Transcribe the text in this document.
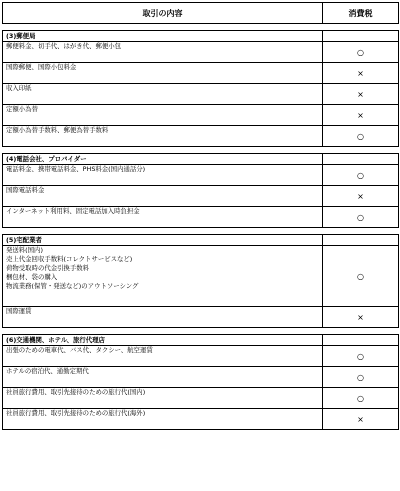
取引の内容	消費税

(3)郵便局	

郵便料金、切手代、はがき代、郵便小包	○

国際郵便、国際小包料金	×

収入印紙	×

定額小為替	×

定額小為替手数料、郵便為替手数料	○

(4)電話会社、プロバイダー	

電話料金、携帯電話料金、PHS料金(国内通話分)	○

国際電話料金	×

インターネット利用料、固定電話加入時負担金	○

(5)宅配業者	

発送料(国内)
売上代金回収手数料(コレクトサービスなど)
荷物受取時の代金引換手数料
梱包材、袋の購入
物流業務(保管・発送など)のアウトソーシング	○

国際運賃	×

(6)交通機関、ホテル、旅行代理店	

出張のための電車代、バス代、タクシー、航空運賃	○

ホテルの宿泊代、通勤定期代	○

社員旅行費用、取引先接待のための旅行代(国内)	○

社員旅行費用、取引先接待のための旅行代(海外)	×
